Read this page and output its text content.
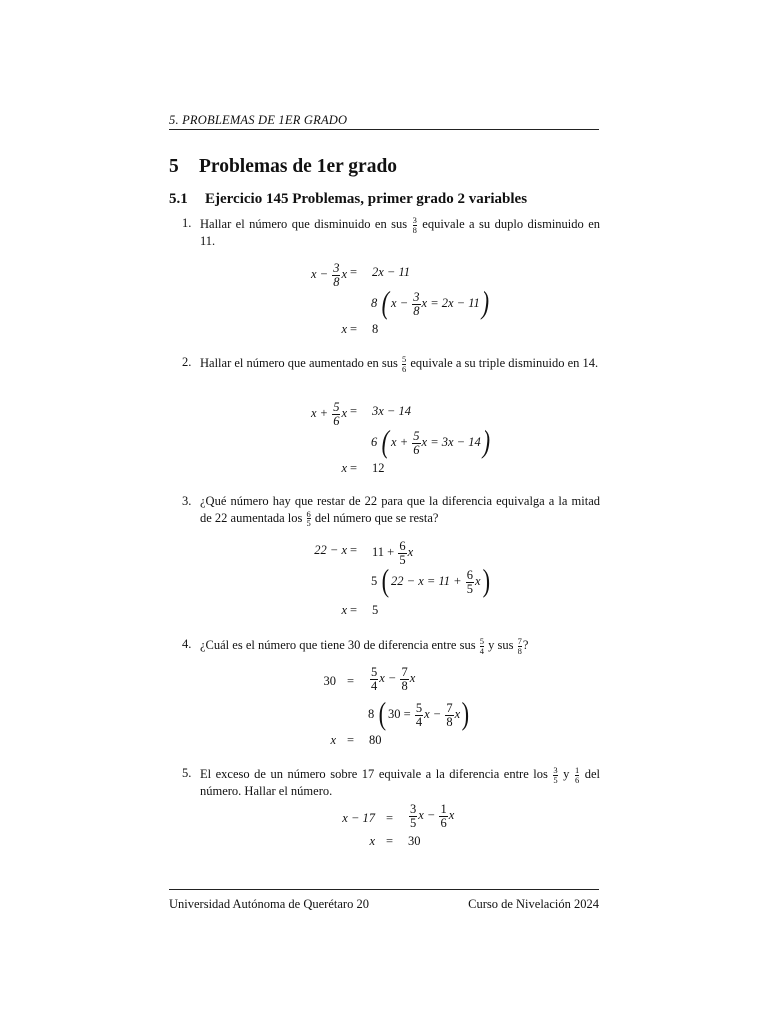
5. PROBLEMAS DE 1ER GRADO
5 Problemas de 1er grado
5.1 Ejercicio 145 Problemas, primer grado 2 variables
1. Hallar el número que disminuido en sus $\frac{3}{8}$ equivale a su duplo disminuido en 11.
$x - \frac{3}{8}$ x = 2x − 11
8 ( $x - \frac{3}{8}$ x = 2x − 11)
x = 8
2. Hallar el número que aumentado en sus $\frac{5}{6}$ equivale a su triple disminuido en 14.
$x + \frac{5}{6}$ x = 3x − 14
6 ( $x + \frac{5}{6}$ x = 3x − 14)
x = 12
3. ¿Qué número hay que restar de 22 para que la diferencia equivalga a la mitad de 22 aumentada los $\frac{6}{5}$ del número que se resta?
$22 - x = 11 + \frac{6}{5}$ x
5 ( $22 - x = 11 + \frac{6}{5} x$)
x = 5
4. ¿Cuál es el número que tiene 30 de diferencia entre sus $\frac{5}{4}$ y sus $\frac{7}{8}$ ?
$30 = \frac{5}{4}$ $x - \frac{7}{8}$ x
8 ( $30 = \frac{5}{4}$ $x - \frac{7}{8} x$)
x = 80
5. El exceso de un número sobre 17 equivale a la diferencia entre los $\frac{3}{5}$ y $\frac{1}{6}$ del número. Hallar el número.
$x - 17 = \frac{3}{5}$ $x - \frac{1}{6}$ x
x = 30
Universidad Autónoma de Querétaro 20	Curso de Nivelación 2024
